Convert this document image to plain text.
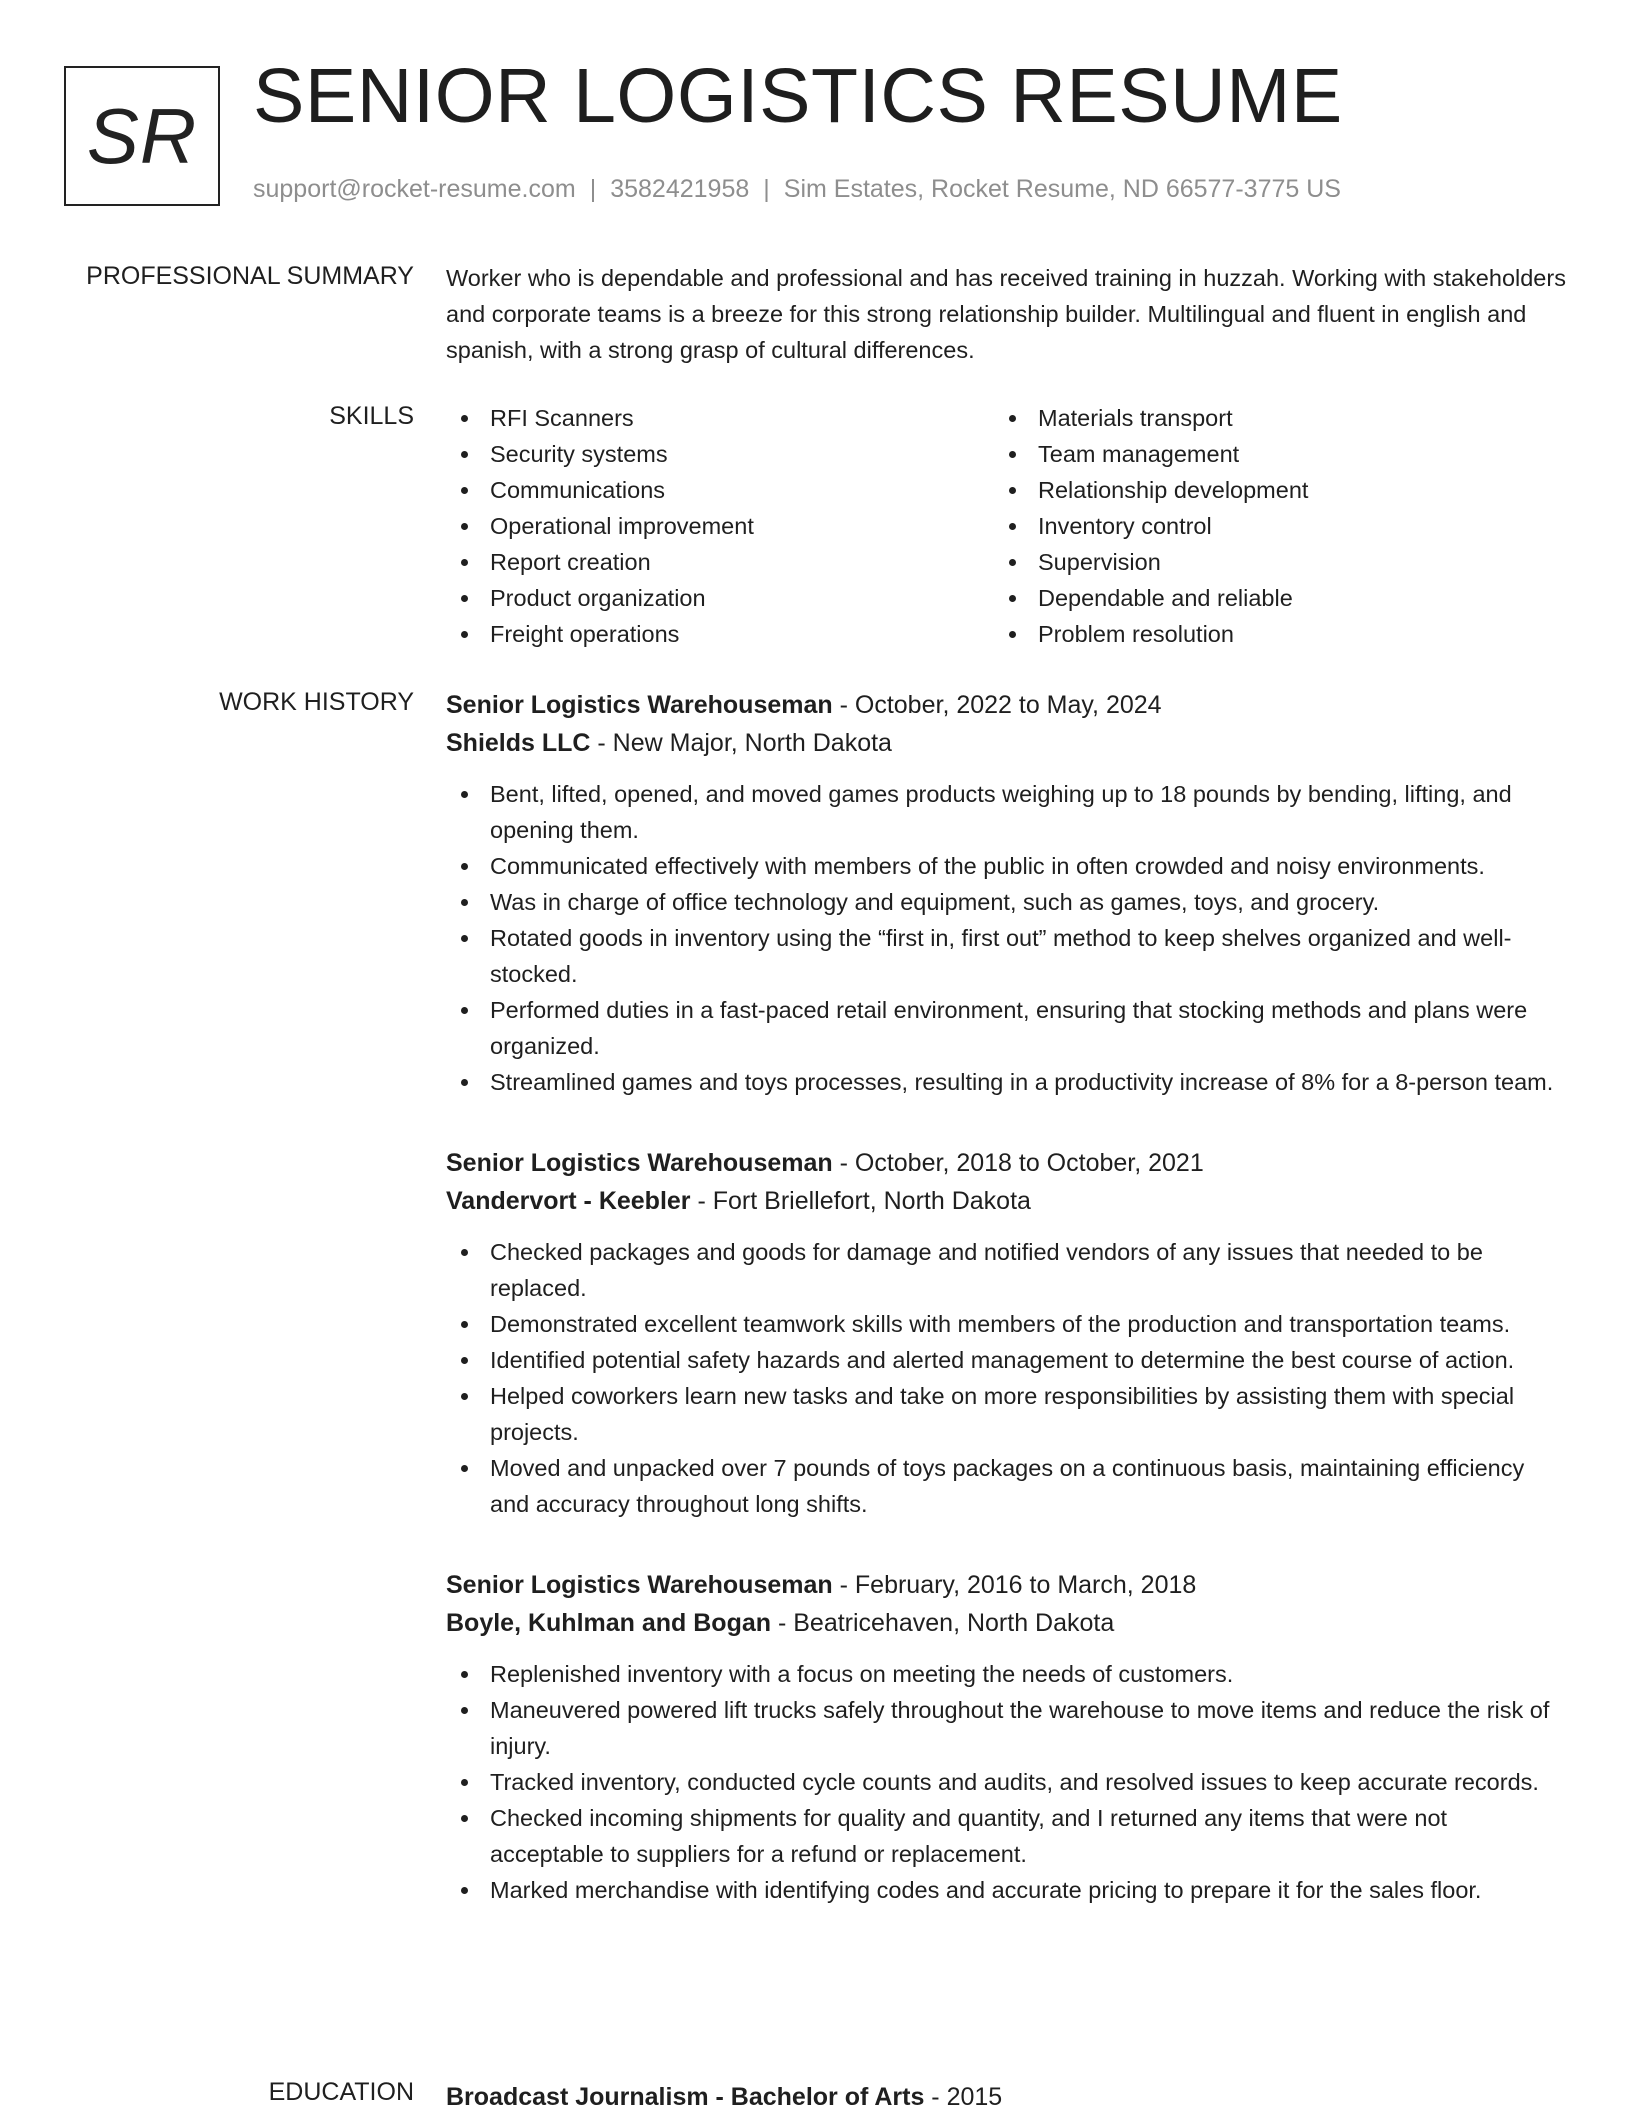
SR SENIOR LOGISTICS RESUME
support@rocket-resume.com | 3582421958 | Sim Estates, Rocket Resume, ND 66577-3775 US
PROFESSIONAL SUMMARY Worker who is dependable and professional and has received training in huzzah. Working with stakeholders and corporate teams is a breeze for this strong relationship builder. Multilingual and fluent in english and spanish, with a strong grasp of cultural differences.

SKILLS	RFI Scanners
Security systems
Communications
Operational improvement
Report creation
Product organization
Freight operations
Materials transport
Team management
Relationship development
Inventory control
Supervision
Dependable and reliable
Problem resolution
WORK HISTORY Senior Logistics Warehouseman - October, 2022 to May, 2024
Shields LLC - New Major, North Dakota
Bent, lifted, opened, and moved games products weighing up to 18 pounds by bending, lifting, and opening them.
Communicated effectively with members of the public in often crowded and noisy environments.
Was in charge of office technology and equipment, such as games, toys, and grocery.
Rotated goods in inventory using the “first in, first out” method to keep shelves organized and well-stocked.
Performed duties in a fast-paced retail environment, ensuring that stocking methods and plans were organized.
Streamlined games and toys processes, resulting in a productivity increase of 8% for a 8-person team.
Senior Logistics Warehouseman - October, 2018 to October, 2021
Vandervort - Keebler - Fort Briellefort, North Dakota
Checked packages and goods for damage and notified vendors of any issues that needed to be replaced.
Demonstrated excellent teamwork skills with members of the production and transportation teams.
Identified potential safety hazards and alerted management to determine the best course of action.
Helped coworkers learn new tasks and take on more responsibilities by assisting them with special projects.
Moved and unpacked over 7 pounds of toys packages on a continuous basis, maintaining efficiency and accuracy throughout long shifts.
Senior Logistics Warehouseman - February, 2016 to March, 2018
Boyle, Kuhlman and Bogan - Beatricehaven, North Dakota
Replenished inventory with a focus on meeting the needs of customers.
Maneuvered powered lift trucks safely throughout the warehouse to move items and reduce the risk of injury.
Tracked inventory, conducted cycle counts and audits, and resolved issues to keep accurate records.
Checked incoming shipments for quality and quantity, and I returned any items that were not acceptable to suppliers for a refund or replacement.
Marked merchandise with identifying codes and accurate pricing to prepare it for the sales floor.
EDUCATION Broadcast Journalism - Bachelor of Arts - 2015
